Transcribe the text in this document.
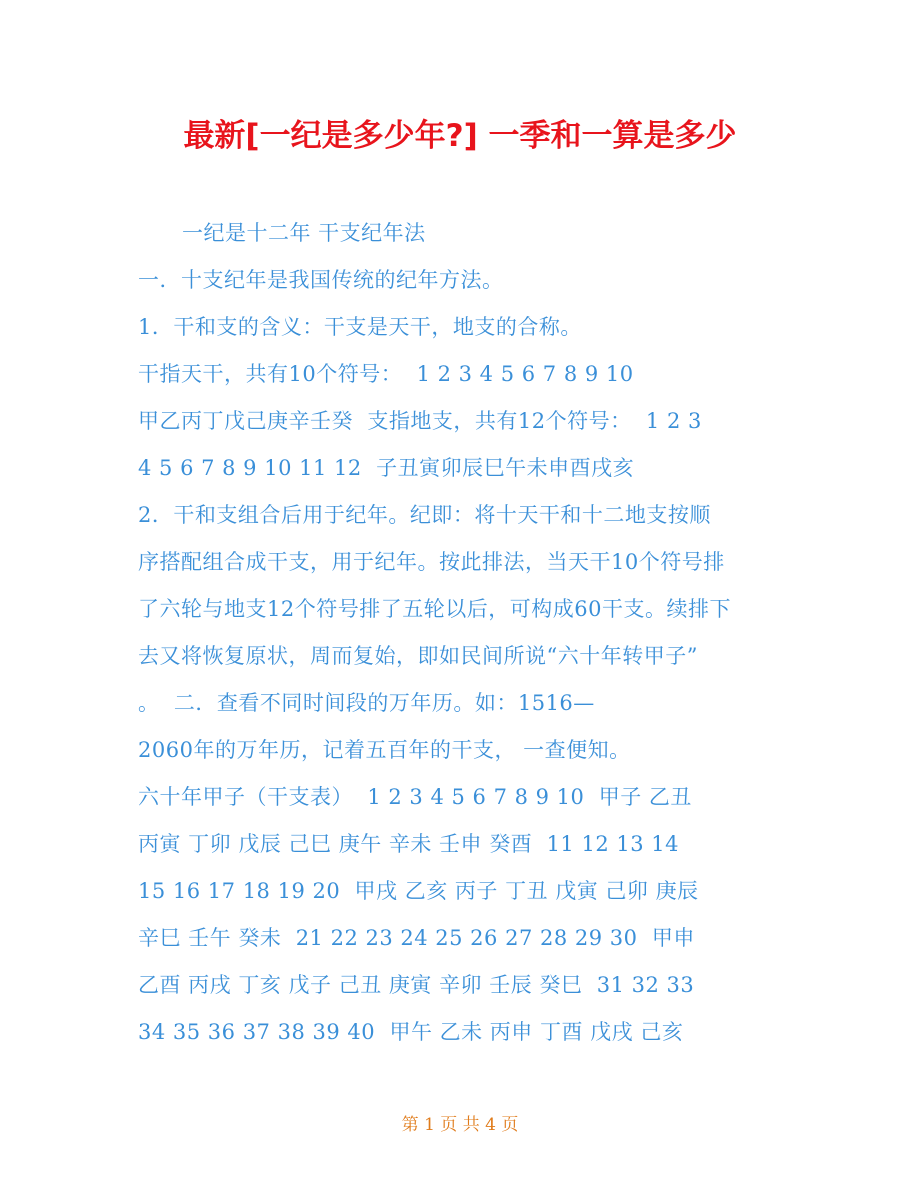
最新[一纪是多少年?] 一季和一算是多少
一纪是十二年 干支纪年法
一．十支纪年是我国传统的纪年方法。
1．干和支的含义：干支是天干，地支的合称。
干指天干，共有10个符号：  1 2 3 4 5 6 7 8 9 10
甲乙丙丁戊己庚辛壬癸  支指地支，共有12个符号：  1 2 3
4 5 6 7 8 9 10 11 12  子丑寅卯辰巳午未申酉戌亥
2．干和支组合后用于纪年。纪即：将十天干和十二地支按顺
序搭配组合成干支，用于纪年。按此排法，当天干10个符号排
了六轮与地支12个符号排了五轮以后，可构成60干支。续排下
去又将恢复原状，周而复始，即如民间所说“六十年转甲子”
。  二．查看不同时间段的万年历。如：1516—
2060年的万年历，记着五百年的干支， 一查便知。
六十年甲子（干支表）  1 2 3 4 5 6 7 8 9 10  甲子 乙丑
丙寅 丁卯 戊辰 己巳 庚午 辛未 壬申 癸酉  11 12 13 14
15 16 17 18 19 20  甲戌 乙亥 丙子 丁丑 戊寅 己卯 庚辰
辛巳 壬午 癸未  21 22 23 24 25 26 27 28 29 30  甲申
乙酉 丙戌 丁亥 戊子 己丑 庚寅 辛卯 壬辰 癸巳  31 32 33
34 35 36 37 38 39 40  甲午 乙未 丙申 丁酉 戊戌 己亥
第 1 页 共 4 页
